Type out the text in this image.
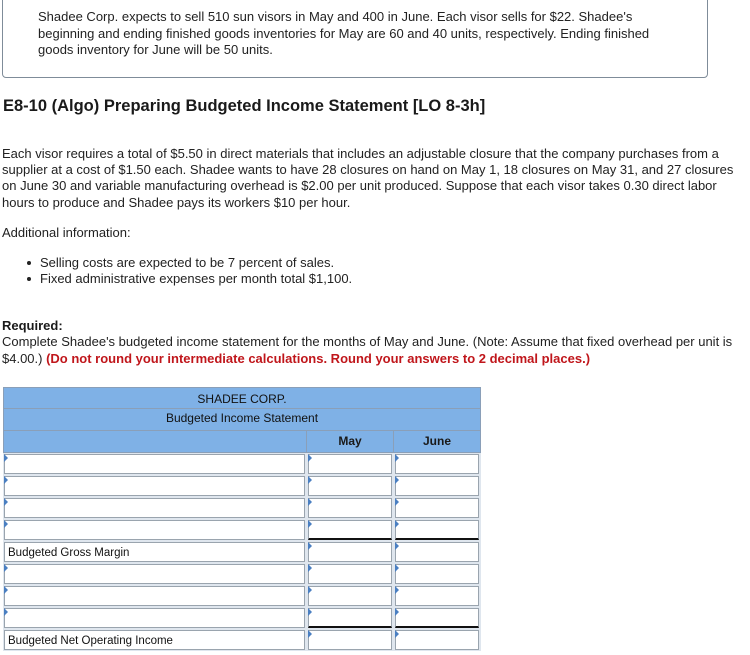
Shadee Corp. expects to sell 510 sun visors in May and 400 in June. Each visor sells for $22. Shadee's beginning and ending finished goods inventories for May are 60 and 40 units, respectively. Ending finished goods inventory for June will be 50 units.
E8-10 (Algo) Preparing Budgeted Income Statement [LO 8-3h]

Each visor requires a total of $5.50 in direct materials that includes an adjustable closure that the company purchases from a supplier at a cost of $1.50 each. Shadee wants to have 28 closures on hand on May 1, 18 closures on May 31, and 27 closures on June 30 and variable manufacturing overhead is $2.00 per unit produced. Suppose that each visor takes 0.30 direct labor hours to produce and Shadee pays its workers $10 per hour.

Additional information:

Selling costs are expected to be 7 percent of sales.
Fixed administrative expenses per month total $1,100.

Required:

Complete Shadee's budgeted income statement for the months of May and June. (Note: Assume that fixed overhead per unit is $4.00.) (Do not round your intermediate calculations. Round your answers to 2 decimal places.)

SHADEE CORP.
Budgeted Income Statement
May	June
Budgeted Gross Margin
Budgeted Net Operating Income
